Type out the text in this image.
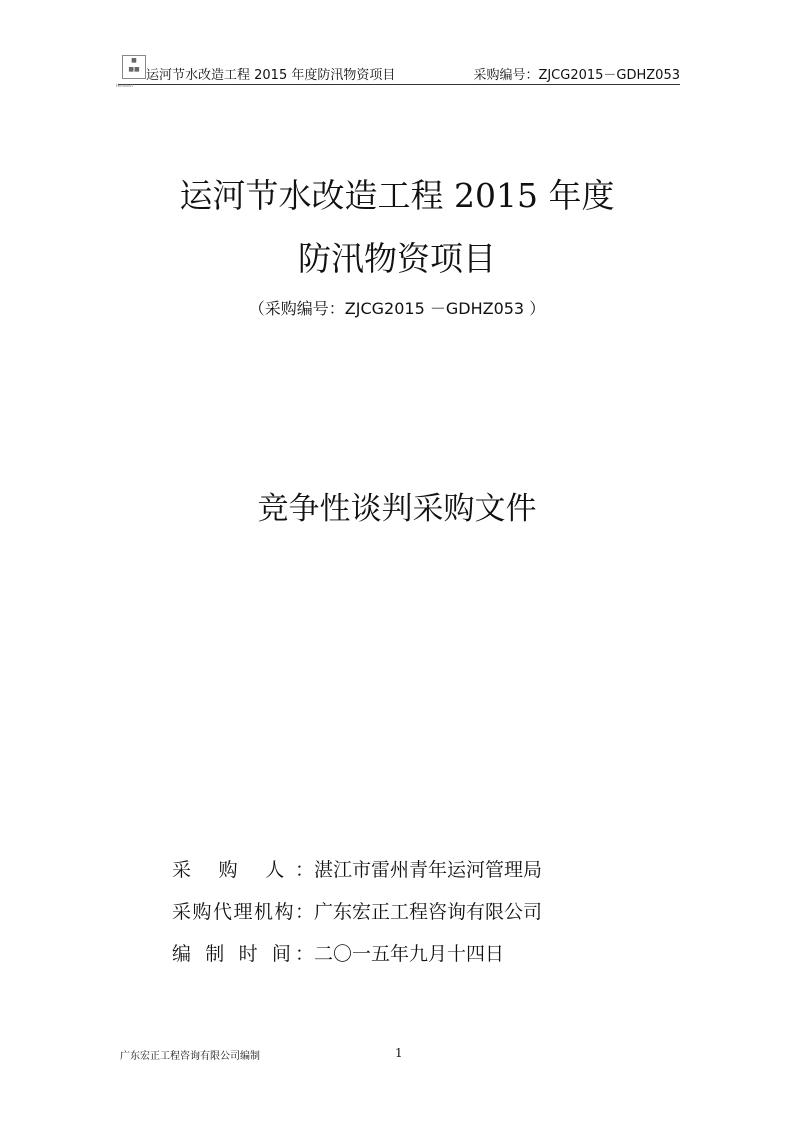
■
■■
Hendeot
运河节水改造工程 2015 年度防汛物资项目	采购编号：ZJCG2015－GDHZ053
运河节水改造工程 2015 年度
防汛物资项目
（采购编号：ZJCG2015 －GDHZ053 ）
竞争性谈判采购文件
采 购 人：湛江市雷州青年运河管理局
采购代理机构：广东宏正工程咨询有限公司
编 制 时 间：二〇一五年九月十四日
广东宏正工程咨询有限公司编制	1
